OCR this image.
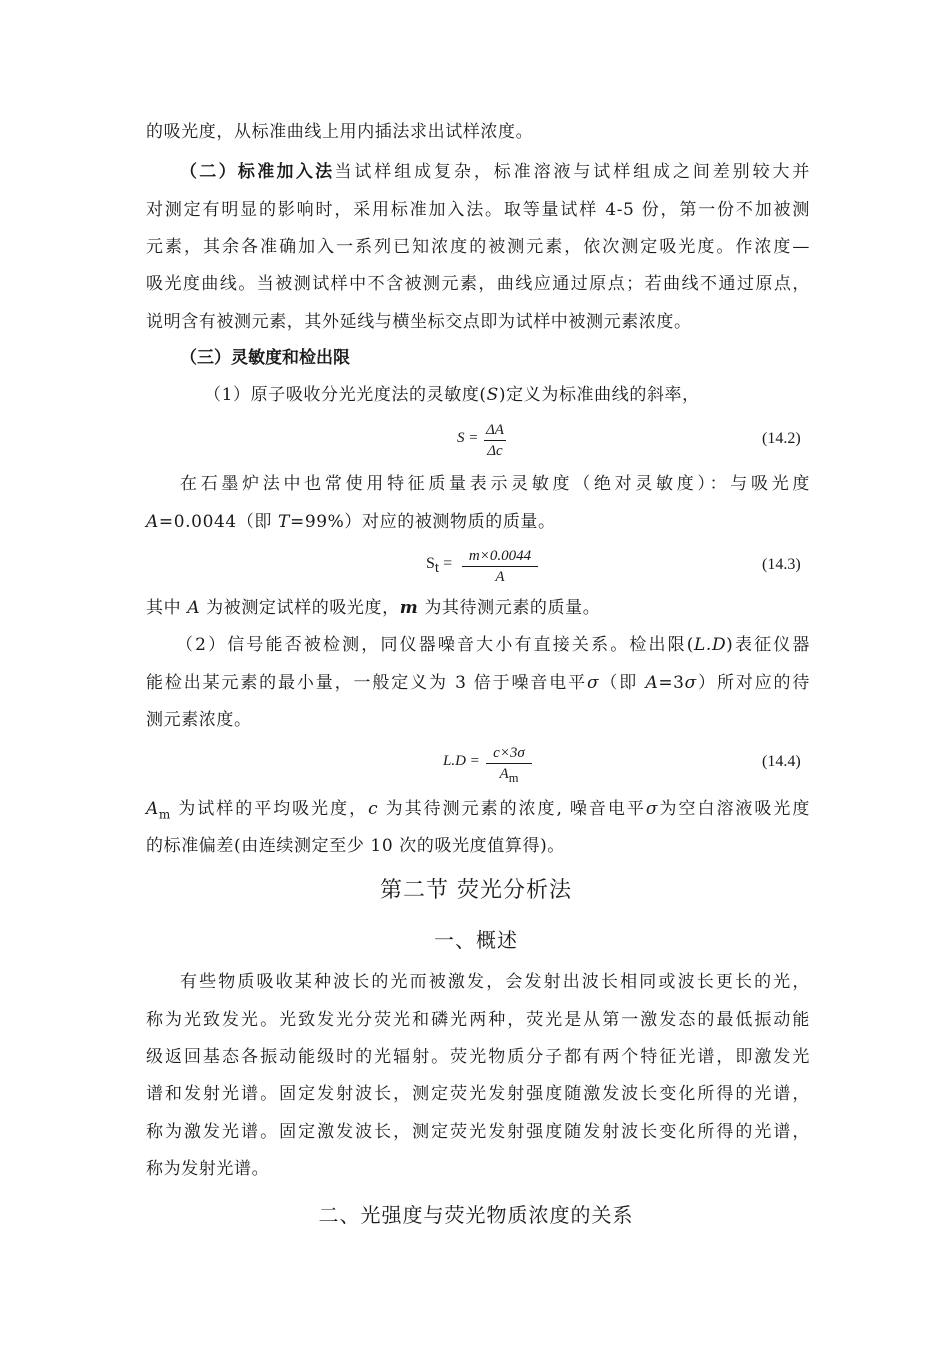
的吸光度，从标准曲线上用内插法求出试样浓度。
（二）标准加入法当试样组成复杂，标准溶液与试样组成之间差别较大并
对测定有明显的影响时，采用标准加入法。取等量试样 4-5 份，第一份不加被测
元素，其余各准确加入一系列已知浓度的被测元素，依次测定吸光度。作浓度—
吸光度曲线。当被测试样中不含被测元素，曲线应通过原点；若曲线不通过原点，
说明含有被测元素，其外延线与横坐标交点即为试样中被测元素浓度。
（三）灵敏度和检出限
（1）原子吸收分光光度法的灵敏度(S)定义为标准曲线的斜率，
$S = \frac{\Delta A}{\Delta c}$	(14.2)
在石墨炉法中也常使用特征质量表示灵敏度（绝对灵敏度）：与吸光度
A=0.0044（即 T=99%）对应的被测物质的质量。
$S_t = \frac{m\times 0.0044}{A}$	(14.3)
其中 A 为被测定试样的吸光度，m 为其待测元素的质量。
（2）信号能否被检测，同仪器噪音大小有直接关系。检出限(L.D)表征仪器
能检出某元素的最小量，一般定义为 3 倍于噪音电平σ（即 A=3σ）所对应的待
测元素浓度。
$L.D = \frac{c\times 3\sigma}{A_m}$	(14.4)
$A_m$ 为试样的平均吸光度，c 为其待测元素的浓度, 噪音电平σ为空白溶液吸光度
的标准偏差(由连续测定至少 10 次的吸光度值算得)。
第二节 荧光分析法
一、概述
有些物质吸收某种波长的光而被激发，会发射出波长相同或波长更长的光，
称为光致发光。光致发光分荧光和磷光两种，荧光是从第一激发态的最低振动能
级返回基态各振动能级时的光辐射。荧光物质分子都有两个特征光谱，即激发光
谱和发射光谱。固定发射波长，测定荧光发射强度随激发波长变化所得的光谱，
称为激发光谱。固定激发波长，测定荧光发射强度随发射波长变化所得的光谱，
称为发射光谱。
二、光强度与荧光物质浓度的关系
